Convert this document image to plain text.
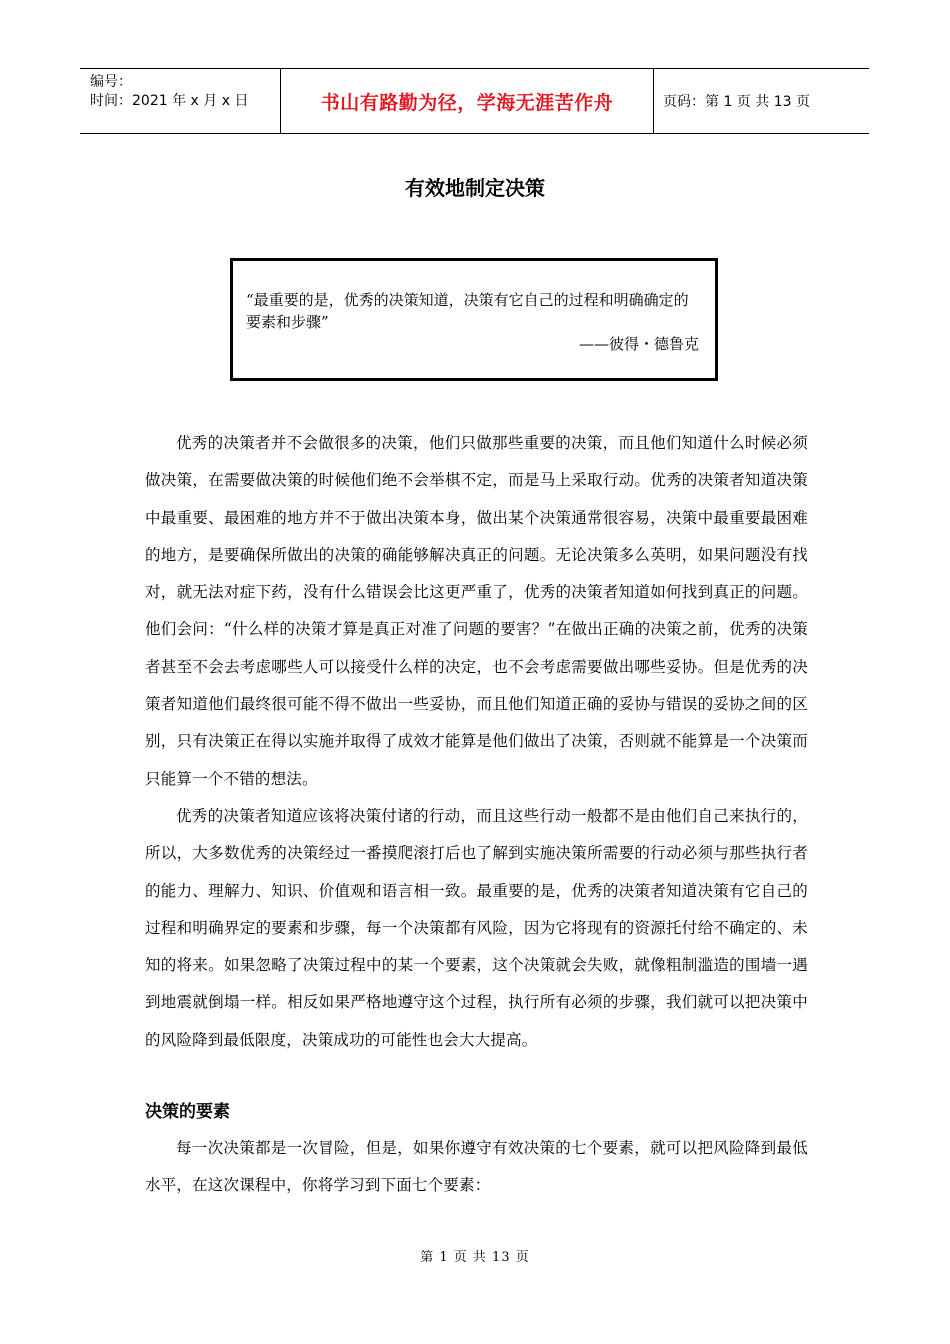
编号：
时间：2021 年 x 月 x 日	书山有路勤为径，学海无涯苦作舟	页码：第 1 页 共 13 页
有效地制定决策
“最重要的是，优秀的决策知道，决策有它自己的过程和明确确定的要素和步骤”
——彼得・德鲁克

优秀的决策者并不会做很多的决策，他们只做那些重要的决策，而且他们知道什么时候必须做决策，在需要做决策的时候他们绝不会举棋不定，而是马上采取行动。优秀的决策者知道决策中最重要、最困难的地方并不于做出决策本身，做出某个决策通常很容易，决策中最重要最困难的地方，是要确保所做出的决策的确能够解决真正的问题。无论决策多么英明，如果问题没有找对，就无法对症下药，没有什么错误会比这更严重了，优秀的决策者知道如何找到真正的问题。他们会问：“什么样的决策才算是真正对准了问题的要害？”在做出正确的决策之前，优秀的决策者甚至不会去考虑哪些人可以接受什么样的决定，也不会考虑需要做出哪些妥协。但是优秀的决策者知道他们最终很可能不得不做出一些妥协，而且他们知道正确的妥协与错误的妥协之间的区别，只有决策正在得以实施并取得了成效才能算是他们做出了决策，否则就不能算是一个决策而只能算一个不错的想法。

优秀的决策者知道应该将决策付诸的行动，而且这些行动一般都不是由他们自己来执行的，所以，大多数优秀的决策经过一番摸爬滚打后也了解到实施决策所需要的行动必须与那些执行者的能力、理解力、知识、价值观和语言相一致。最重要的是，优秀的决策者知道决策有它自己的过程和明确界定的要素和步骤，每一个决策都有风险，因为它将现有的资源托付给不确定的、未知的将来。如果忽略了决策过程中的某一个要素，这个决策就会失败，就像粗制滥造的围墙一遇到地震就倒塌一样。相反如果严格地遵守这个过程，执行所有必须的步骤，我们就可以把决策中的风险降到最低限度，决策成功的可能性也会大大提高。

决策的要素

每一次决策都是一次冒险，但是，如果你遵守有效决策的七个要素，就可以把风险降到最低水平，在这次课程中，你将学习到下面七个要素：

第 1 页 共 13 页
